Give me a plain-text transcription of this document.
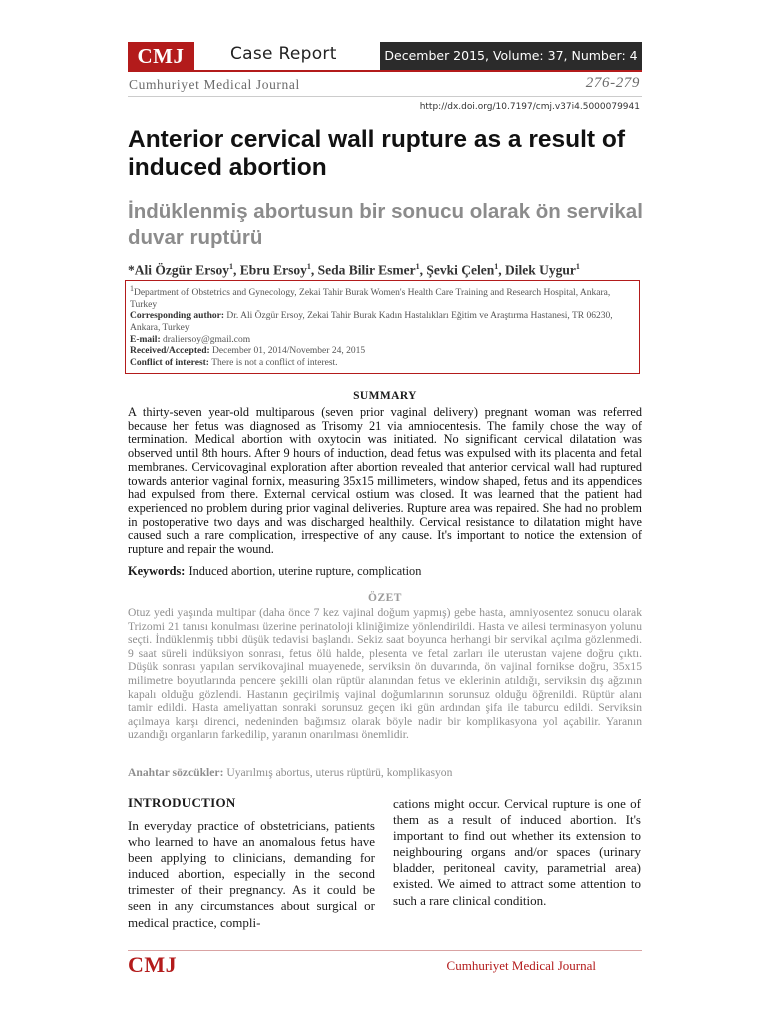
CMJ	Case Report	December 2015, Volume: 37, Number: 4
Cumhuriyet Medical Journal	276-279
http://dx.doi.org/10.7197/cmj.v37i4.5000079941
Anterior cervical wall rupture as a result of induced abortion
İndüklenmiş abortusun bir sonucu olarak ön servikal duvar ruptürü
*Ali Özgür Ersoy$^1$, Ebru Ersoy$^1$, Seda Bilir Esmer$^1$, Şevki Çelen$^1$, Dilek Uygur$^1$

$^1$Department of Obstetrics and Gynecology, Zekai Tahir Burak Women's Health Care Training and Research Hospital, Ankara, Turkey

Corresponding author: Dr. Ali Özgür Ersoy, Zekai Tahir Burak Kadın Hastalıkları Eğitim ve Araştırma Hastanesi, TR 06230, Ankara, Turkey

E-mail: draliersoy@gmail.com

Received/Accepted: December 01, 2014/November 24, 2015

Conflict of interest: There is not a conflict of interest.

SUMMARY

A thirty-seven year-old multiparous (seven prior vaginal delivery) pregnant woman was referred because her fetus was diagnosed as Trisomy 21 via amniocentesis. The family chose the way of termination. Medical abortion with oxytocin was initiated. No significant cervical dilatation was observed until 8th hours. After 9 hours of induction, dead fetus was expulsed with its placenta and fetal membranes. Cervicovaginal exploration after abortion revealed that anterior cervical wall had ruptured towards anterior vaginal fornix, measuring 35x15 millimeters, window shaped, fetus and its appendices had expulsed from there. External cervical ostium was closed. It was learned that the patient had experienced no problem during prior vaginal deliveries. Rupture area was repaired. She had no problem in postoperative two days and was discharged healthily. Cervical resistance to dilatation might have caused such a rare complication, irrespective of any cause. It's important to notice the extension of rupture and repair the wound.

Keywords: Induced abortion, uterine rupture, complication
ÖZET

Otuz yedi yaşında multipar (daha önce 7 kez vajinal doğum yapmış) gebe hasta, amniyosentez sonucu olarak Trizomi 21 tanısı konulması üzerine perinatoloji kliniğimize yönlendirildi. Hasta ve ailesi terminasyon yolunu seçti. İndüklenmiş tıbbi düşük tedavisi başlandı. Sekiz saat boyunca herhangi bir servikal açılma gözlenmedi. 9 saat süreli indüksiyon sonrası, fetus ölü halde, plesenta ve fetal zarları ile uterustan vajene doğru çıktı. Düşük sonrası yapılan servikovajinal muayenede, serviksin ön duvarında, ön vajinal fornikse doğru, 35x15 milimetre boyutlarında pencere şekilli olan rüptür alanından fetus ve eklerinin atıldığı, serviksin dış ağzının kapalı olduğu gözlendi. Hastanın geçirilmiş vajinal doğumlarının sorunsuz olduğu öğrenildi. Rüptür alanı tamir edildi. Hasta ameliyattan sonraki sorunsuz geçen iki gün ardından şifa ile taburcu edildi. Serviksin açılmaya karşı direnci, nedeninden bağımsız olarak böyle nadir bir komplikasyona yol açabilir. Yaranın uzandığı organların farkedilip, yaranın onarılması önemlidir.

Anahtar sözcükler: Uyarılmış abortus, uterus rüptürü, komplikasyon
INTRODUCTION

In everyday practice of obstetricians, patients who learned to have an anomalous fetus have been applying to clinicians, demanding for induced abortion, especially in the second trimester of their pregnancy. As it could be seen in any circumstances about surgical or medical practice, compli-

cations might occur. Cervical rupture is one of them as a result of induced abortion. It's important to find out whether its extension to neighbouring organs and/or spaces (urinary bladder, peritoneal cavity, parametrial area) existed. We aimed to attract some attention to such a rare clinical condition.

CMJ	Cumhuriyet Medical Journal
